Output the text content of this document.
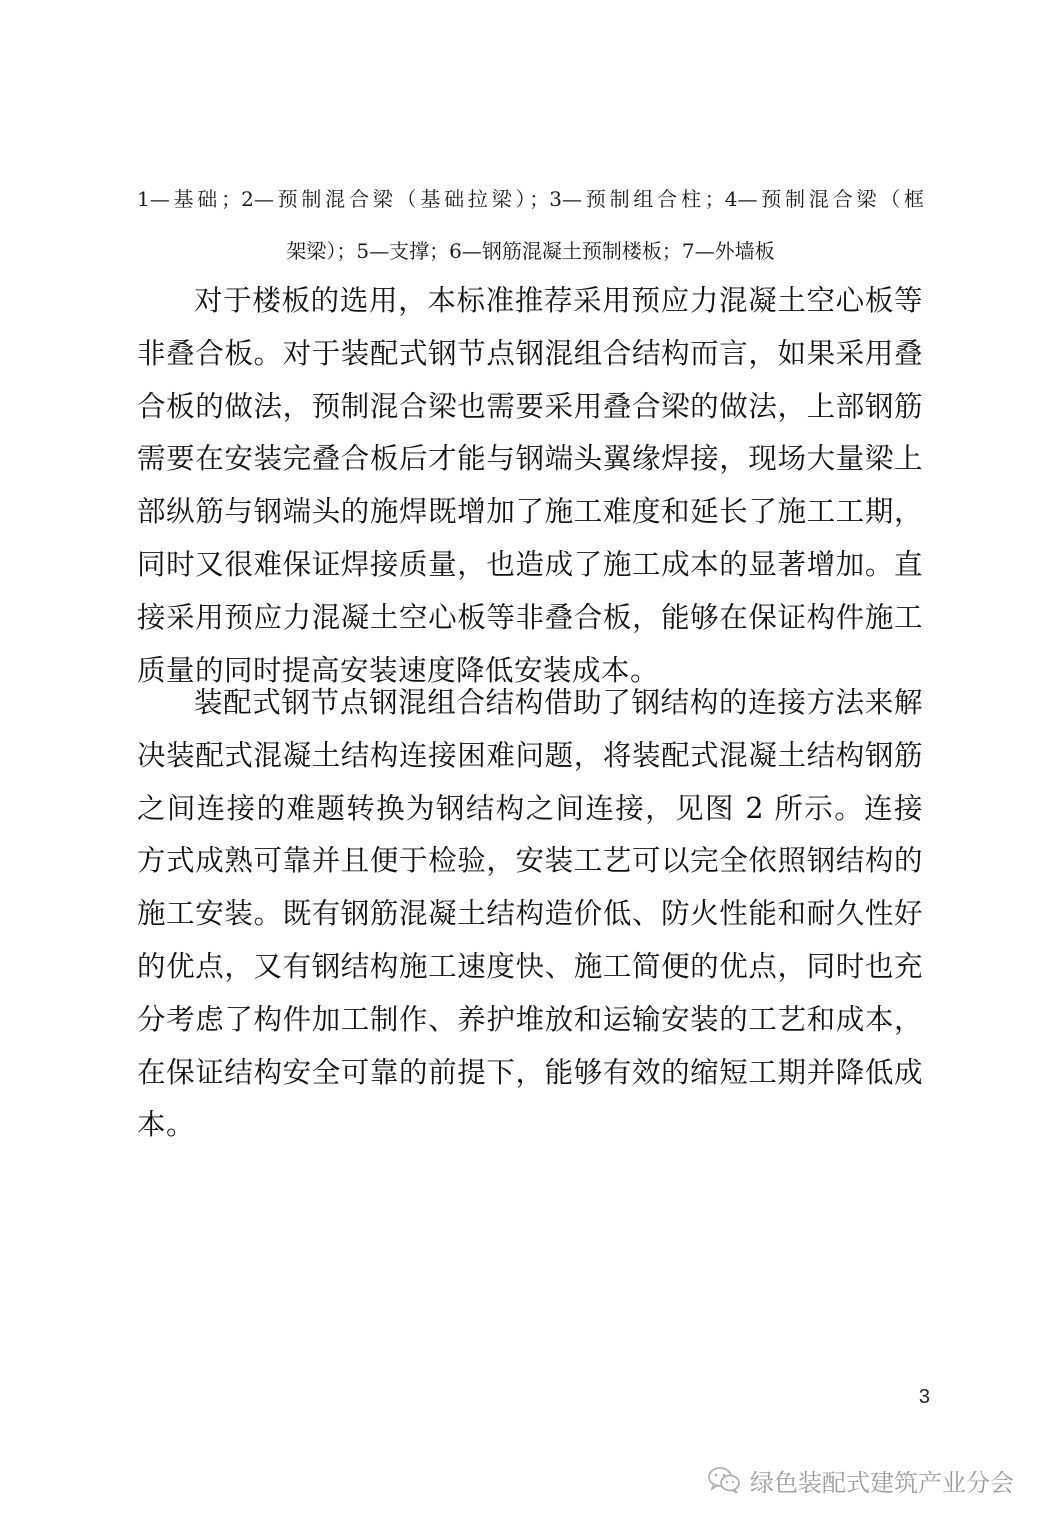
1—基础；2—预制混合梁（基础拉梁）；3—预制组合柱；4—预制混合梁（框
架梁）；5—支撑；6—钢筋混凝土预制楼板；7—外墙板

对于楼板的选用，本标准推荐采用预应力混凝土空心板等非叠合板。对于装配式钢节点钢混组合结构而言，如果采用叠合板的做法，预制混合梁也需要采用叠合梁的做法，上部钢筋需要在安装完叠合板后才能与钢端头翼缘焊接，现场大量梁上部纵筋与钢端头的施焊既增加了施工难度和延长了施工工期，同时又很难保证焊接质量，也造成了施工成本的显著增加。直接采用预应力混凝土空心板等非叠合板，能够在保证构件施工质量的同时提高安装速度降低安装成本。

装配式钢节点钢混组合结构借助了钢结构的连接方法来解决装配式混凝土结构连接困难问题，将装配式混凝土结构钢筋之间连接的难题转换为钢结构之间连接，见图 2 所示。连接方式成熟可靠并且便于检验，安装工艺可以完全依照钢结构的施工安装。既有钢筋混凝土结构造价低、防火性能和耐久性好的优点，又有钢结构施工速度快、施工简便的优点，同时也充分考虑了构件加工制作、养护堆放和运输安装的工艺和成本，在保证结构安全可靠的前提下，能够有效的缩短工期并降低成本。

3
绿色装配式建筑产业分会
